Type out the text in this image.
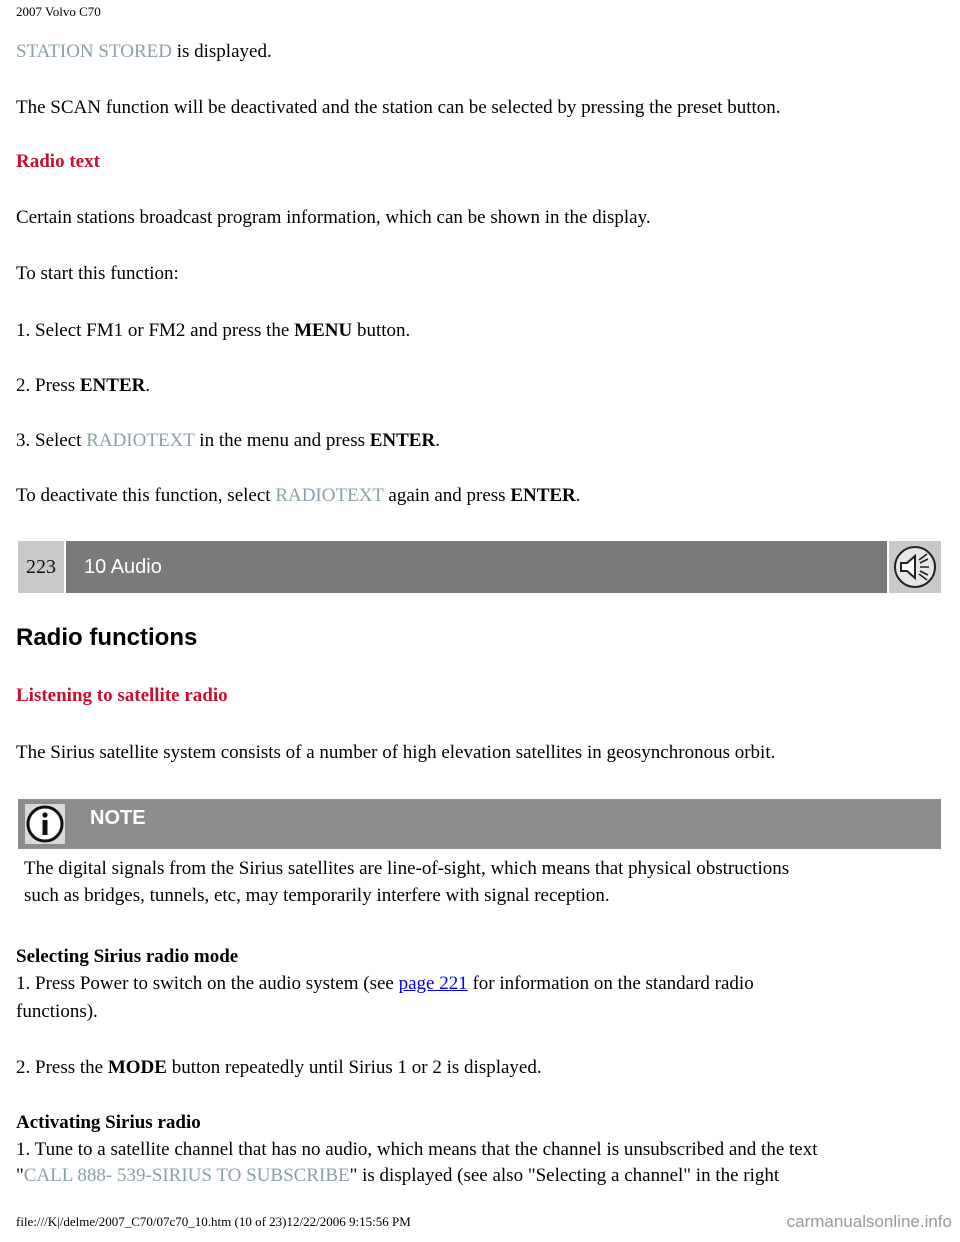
2007 Volvo C70

STATION STORED is displayed.

The SCAN function will be deactivated and the station can be selected by pressing the preset button.

Radio text

Certain stations broadcast program information, which can be shown in the display.

To start this function:

1. Select FM1 or FM2 and press the MENU button.

2. Press ENTER.

3. Select RADIOTEXT in the menu and press ENTER.

To deactivate this function, select RADIOTEXT again and press ENTER.

223	10 Audio
Radio functions

Listening to satellite radio

The Sirius satellite system consists of a number of high elevation satellites in geosynchronous orbit.

NOTE
The digital signals from the Sirius satellites are line-of-sight, which means that physical obstructions
such as bridges, tunnels, etc, may temporarily interfere with signal reception.

Selecting Sirius radio mode

1. Press Power to switch on the audio system (see page 221 for information on the standard radio

functions).

2. Press the MODE button repeatedly until Sirius 1 or 2 is displayed.

Activating Sirius radio

1. Tune to a satellite channel that has no audio, which means that the channel is unsubscribed and the text

"CALL 888- 539-SIRIUS TO SUBSCRIBE" is displayed (see also "Selecting a channel" in the right

file:///K|/delme/2007_C70/07c70_10.htm (10 of 23)12/22/2006 9:15:56 PM	carmanualsonline.info
